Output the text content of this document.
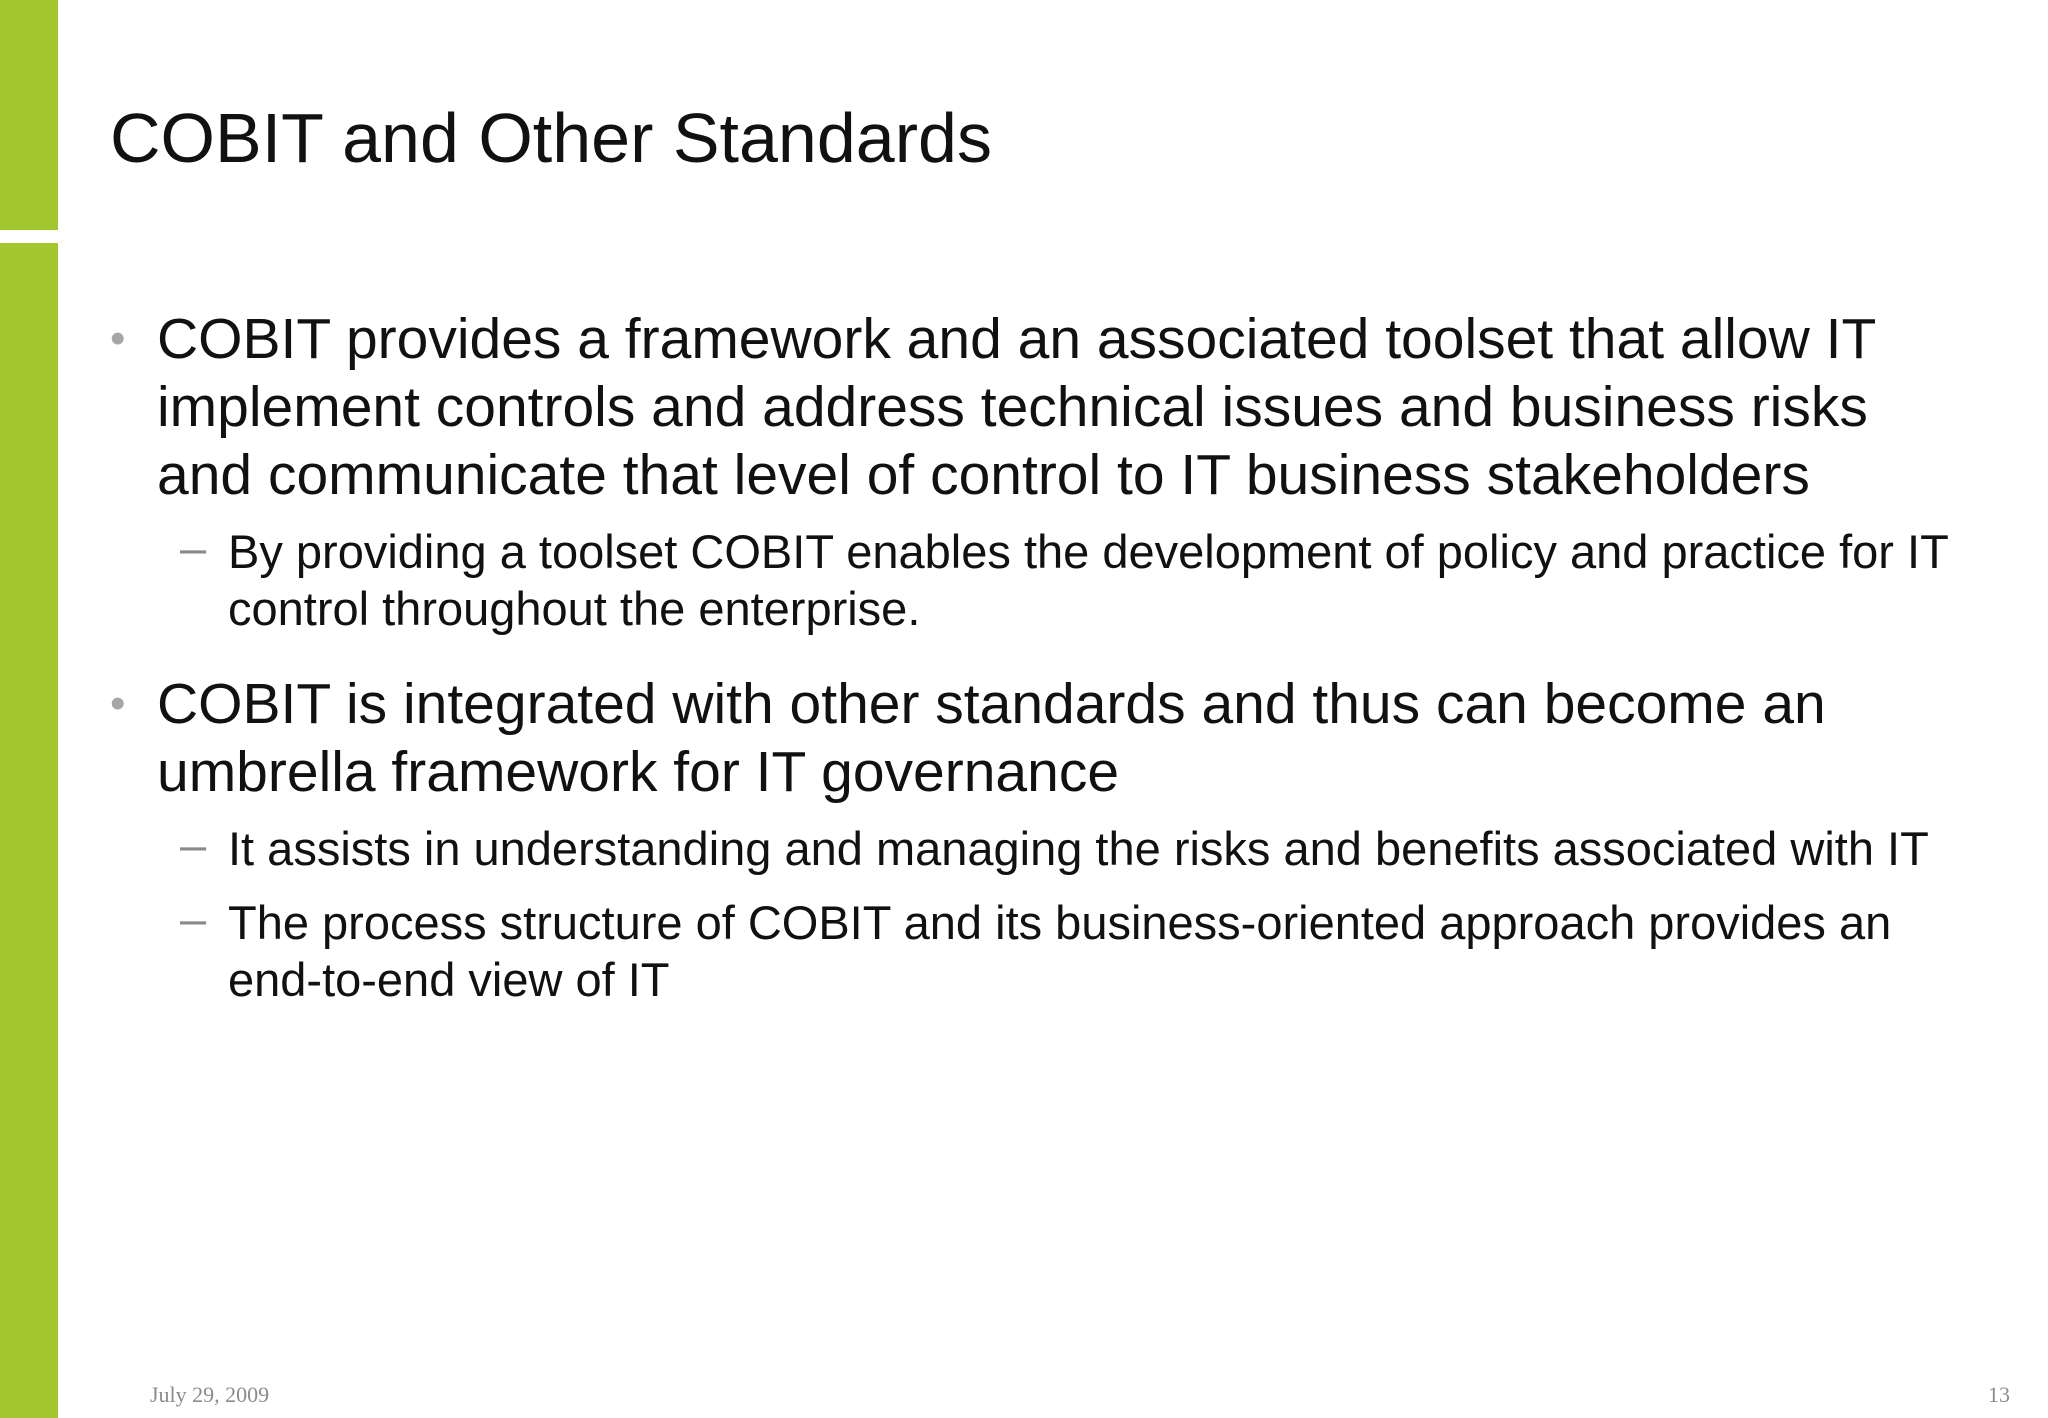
COBIT and Other Standards

• COBIT provides a framework and an associated toolset that allow IT implement controls and address technical issues and business risks and communicate that level of control to IT business stakeholders

– By providing a toolset COBIT enables the development of policy and practice for IT control throughout the enterprise.

• COBIT is integrated with other standards and thus can become an umbrella framework for IT governance

– It assists in understanding and managing the risks and benefits associated with IT

– The process structure of COBIT and its business-oriented approach provides an end-to-end view of IT

July 29, 2009	13
